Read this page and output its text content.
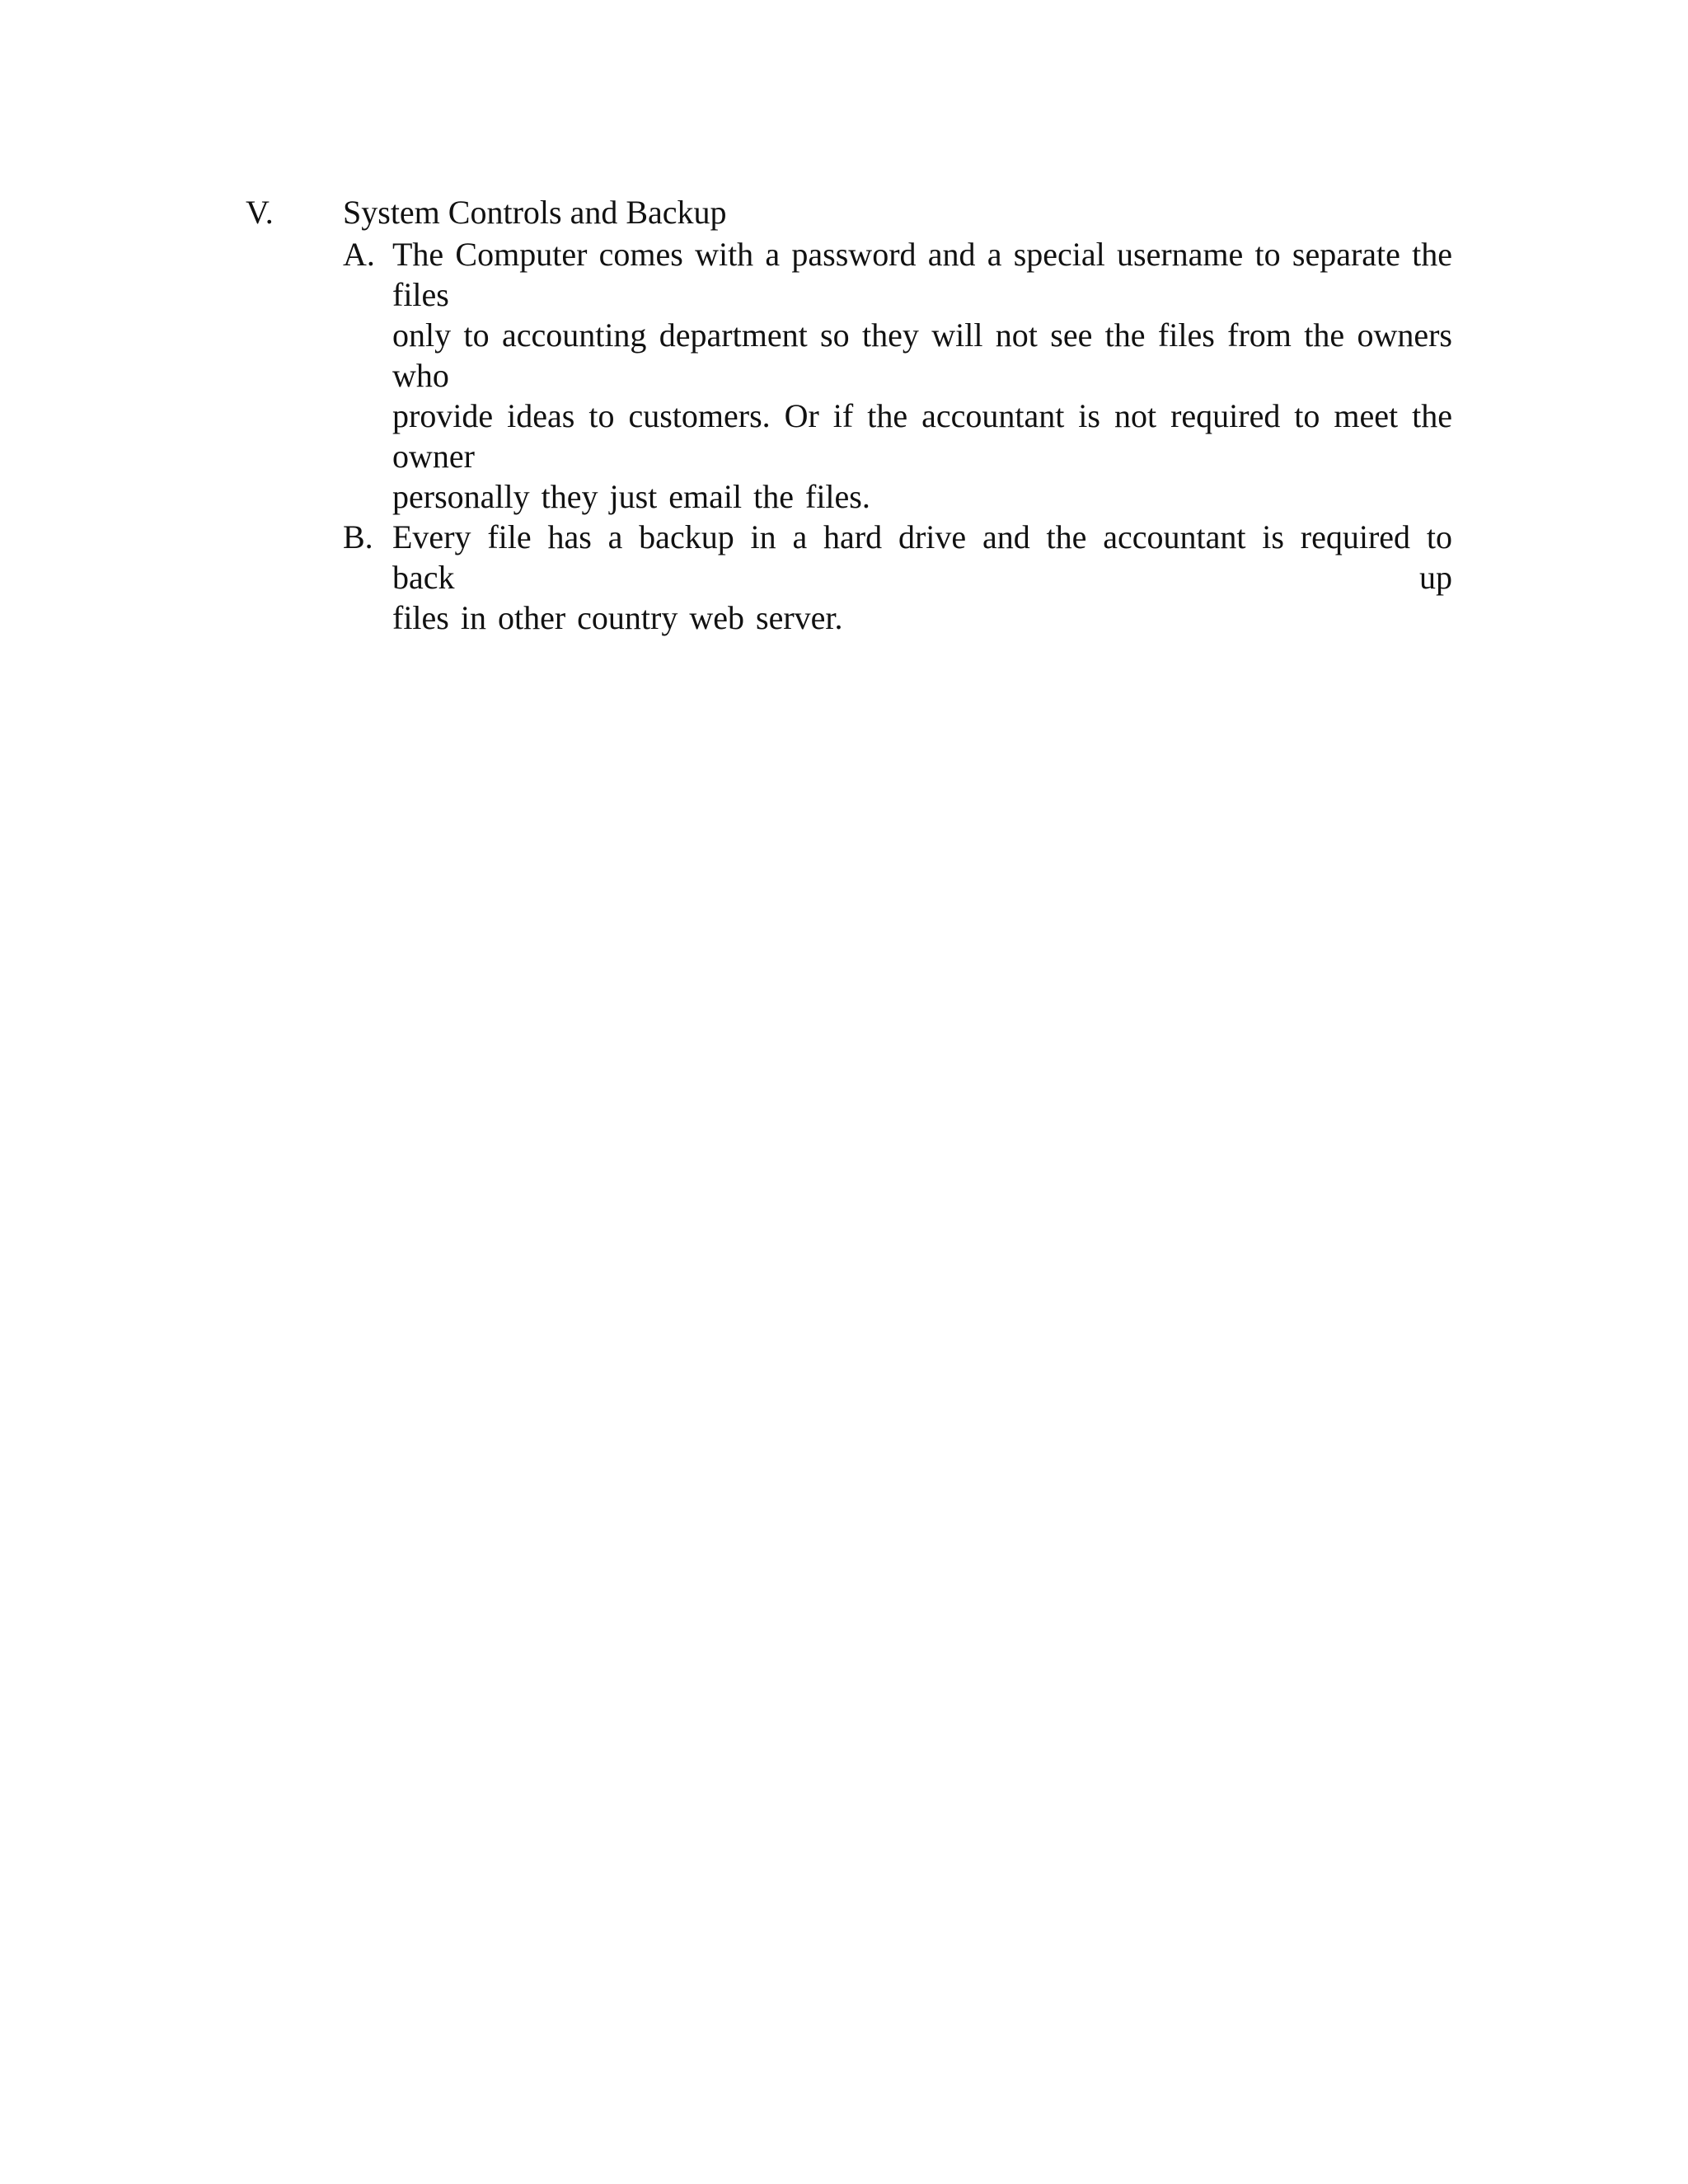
V. System Controls and Backup
A. The Computer comes with a password and a special username to separate the files
only to accounting department so they will not see the files from the owners who
provide ideas to customers. Or if the accountant is not required to meet the owner
personally they just email the files.
B. Every file has a backup in a hard drive and the accountant is required to back up
files in other country web server.
